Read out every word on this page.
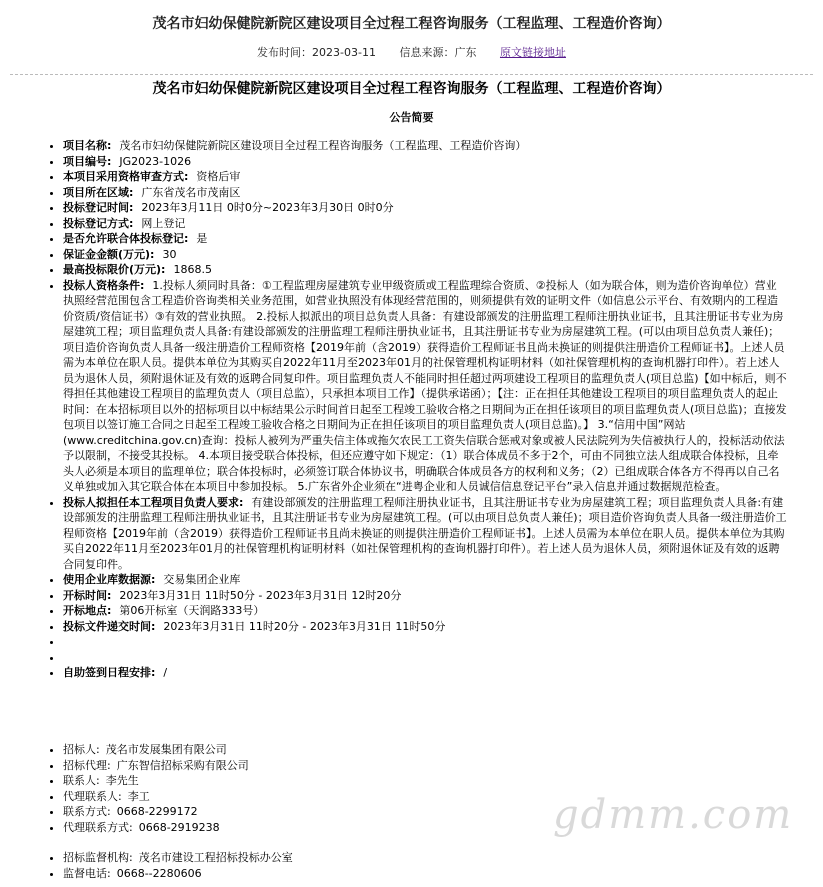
茂名市妇幼保健院新院区建设项目全过程工程咨询服务（工程监理、工程造价咨询）
发布时间：2023-03-11 信息来源：广东 原文链接地址
茂名市妇幼保健院新院区建设项目全过程工程咨询服务（工程监理、工程造价咨询）
公告简要
• 项目名称: 茂名市妇幼保健院新院区建设项目全过程工程咨询服务（工程监理、工程造价咨询）
• 项目编号: JG2023-1026
• 本项目采用资格审查方式: 资格后审
• 项目所在区域: 广东省茂名市茂南区
• 投标登记时间: 2023年3月11日 0时0分~2023年3月30日 0时0分
• 投标登记方式: 网上登记
• 是否允许联合体投标登记: 是
• 保证金金额(万元): 30
• 最高投标限价(万元): 1868.5
• 投标人资格条件: 1.投标人须同时具备：①工程监理房屋建筑专业甲级资质或工程监理综合资质、②投标人（如为联合体，则为造价咨询单位）营业执照经营范围包含工程造价咨询类相关业务范围，如营业执照没有体现经营范围的，则须提供有效的证明文件（如信息公示平台、有效期内的工程造价资质/资信证书）③有效的营业执照。 2.投标人拟派出的项目总负责人具备：有建设部颁发的注册监理工程师注册执业证书，且其注册证书专业为房屋建筑工程；项目监理负责人具备:有建设部颁发的注册监理工程师注册执业证书，且其注册证书专业为房屋建筑工程。(可以由项目总负责人兼任)；项目造价咨询负责人具备一级注册造价工程师资格【2019年前（含2019）获得造价工程师证书且尚未换证的则提供注册造价工程师证书】。上述人员需为本单位在职人员。提供本单位为其购买自2022年11月至2023年01月的社保管理机构证明材料（如社保管理机构的查询机器打印件）。若上述人员为退休人员，须附退休证及有效的返聘合同复印件。项目监理负责人不能同时担任超过两项建设工程项目的监理负责人(项目总监)【如中标后，则不得担任其他建设工程项目的监理负责人（项目总监），只承担本项目工作】（提供承诺函）；【注：正在担任其他建设工程项目的项目监理负责人的起止时间：在本招标项目以外的招标项目以中标结果公示时间首日起至工程竣工验收合格之日期间为正在担任该项目的项目监理负责人(项目总监)；直接发包项目以签订施工合同之日起至工程竣工验收合格之日期间为正在担任该项目的项目监理负责人(项目总监)。】 3.“信用中国”网站(www.creditchina.gov.cn)查询：投标人被列为严重失信主体或拖欠农民工工资失信联合惩戒对象或被人民法院列为失信被执行人的，投标活动依法予以限制，不接受其投标。 4.本项目接受联合体投标，但还应遵守如下规定：（1）联合体成员不多于2个，可由不同独立法人组成联合体投标，且牵头人必须是本项目的监理单位；联合体投标时，必须签订联合体协议书，明确联合体成员各方的权利和义务；（2）已组成联合体各方不得再以自己名义单独或加入其它联合体在本项目中参加投标。 5.广东省外企业须在“进粤企业和人员诚信信息登记平台”录入信息并通过数据规范检查。
• 投标人拟担任本工程项目负责人要求: 有建设部颁发的注册监理工程师注册执业证书，且其注册证书专业为房屋建筑工程；项目监理负责人具备:有建设部颁发的注册监理工程师注册执业证书，且其注册证书专业为房屋建筑工程。(可以由项目总负责人兼任)；项目造价咨询负责人具备一级注册造价工程师资格【2019年前（含2019）获得造价工程师证书且尚未换证的则提供注册造价工程师证书】。上述人员需为本单位在职人员。提供本单位为其购买自2022年11月至2023年01月的社保管理机构证明材料（如社保管理机构的查询机器打印件）。若上述人员为退休人员，须附退休证及有效的返聘合同复印件。
• 使用企业库数据源: 交易集团企业库
• 开标时间: 2023年3月31日 11时50分 - 2023年3月31日 12时20分
• 开标地点: 第06开标室（天润路333号）
• 投标文件递交时间: 2023年3月31日 11时20分 - 2023年3月31日 11时50分
•
•
• 自助签到日程安排: /
• 招标人: 茂名市发展集团有限公司
• 招标代理: 广东智信招标采购有限公司
• 联系人: 李先生
• 代理联系人: 李工
• 联系方式: 0668-2299172
• 代理联系方式: 0668-2919238
• 招标监督机构: 茂名市建设工程招标投标办公室
• 监督电话: 0668--2280606
gdmm.com
